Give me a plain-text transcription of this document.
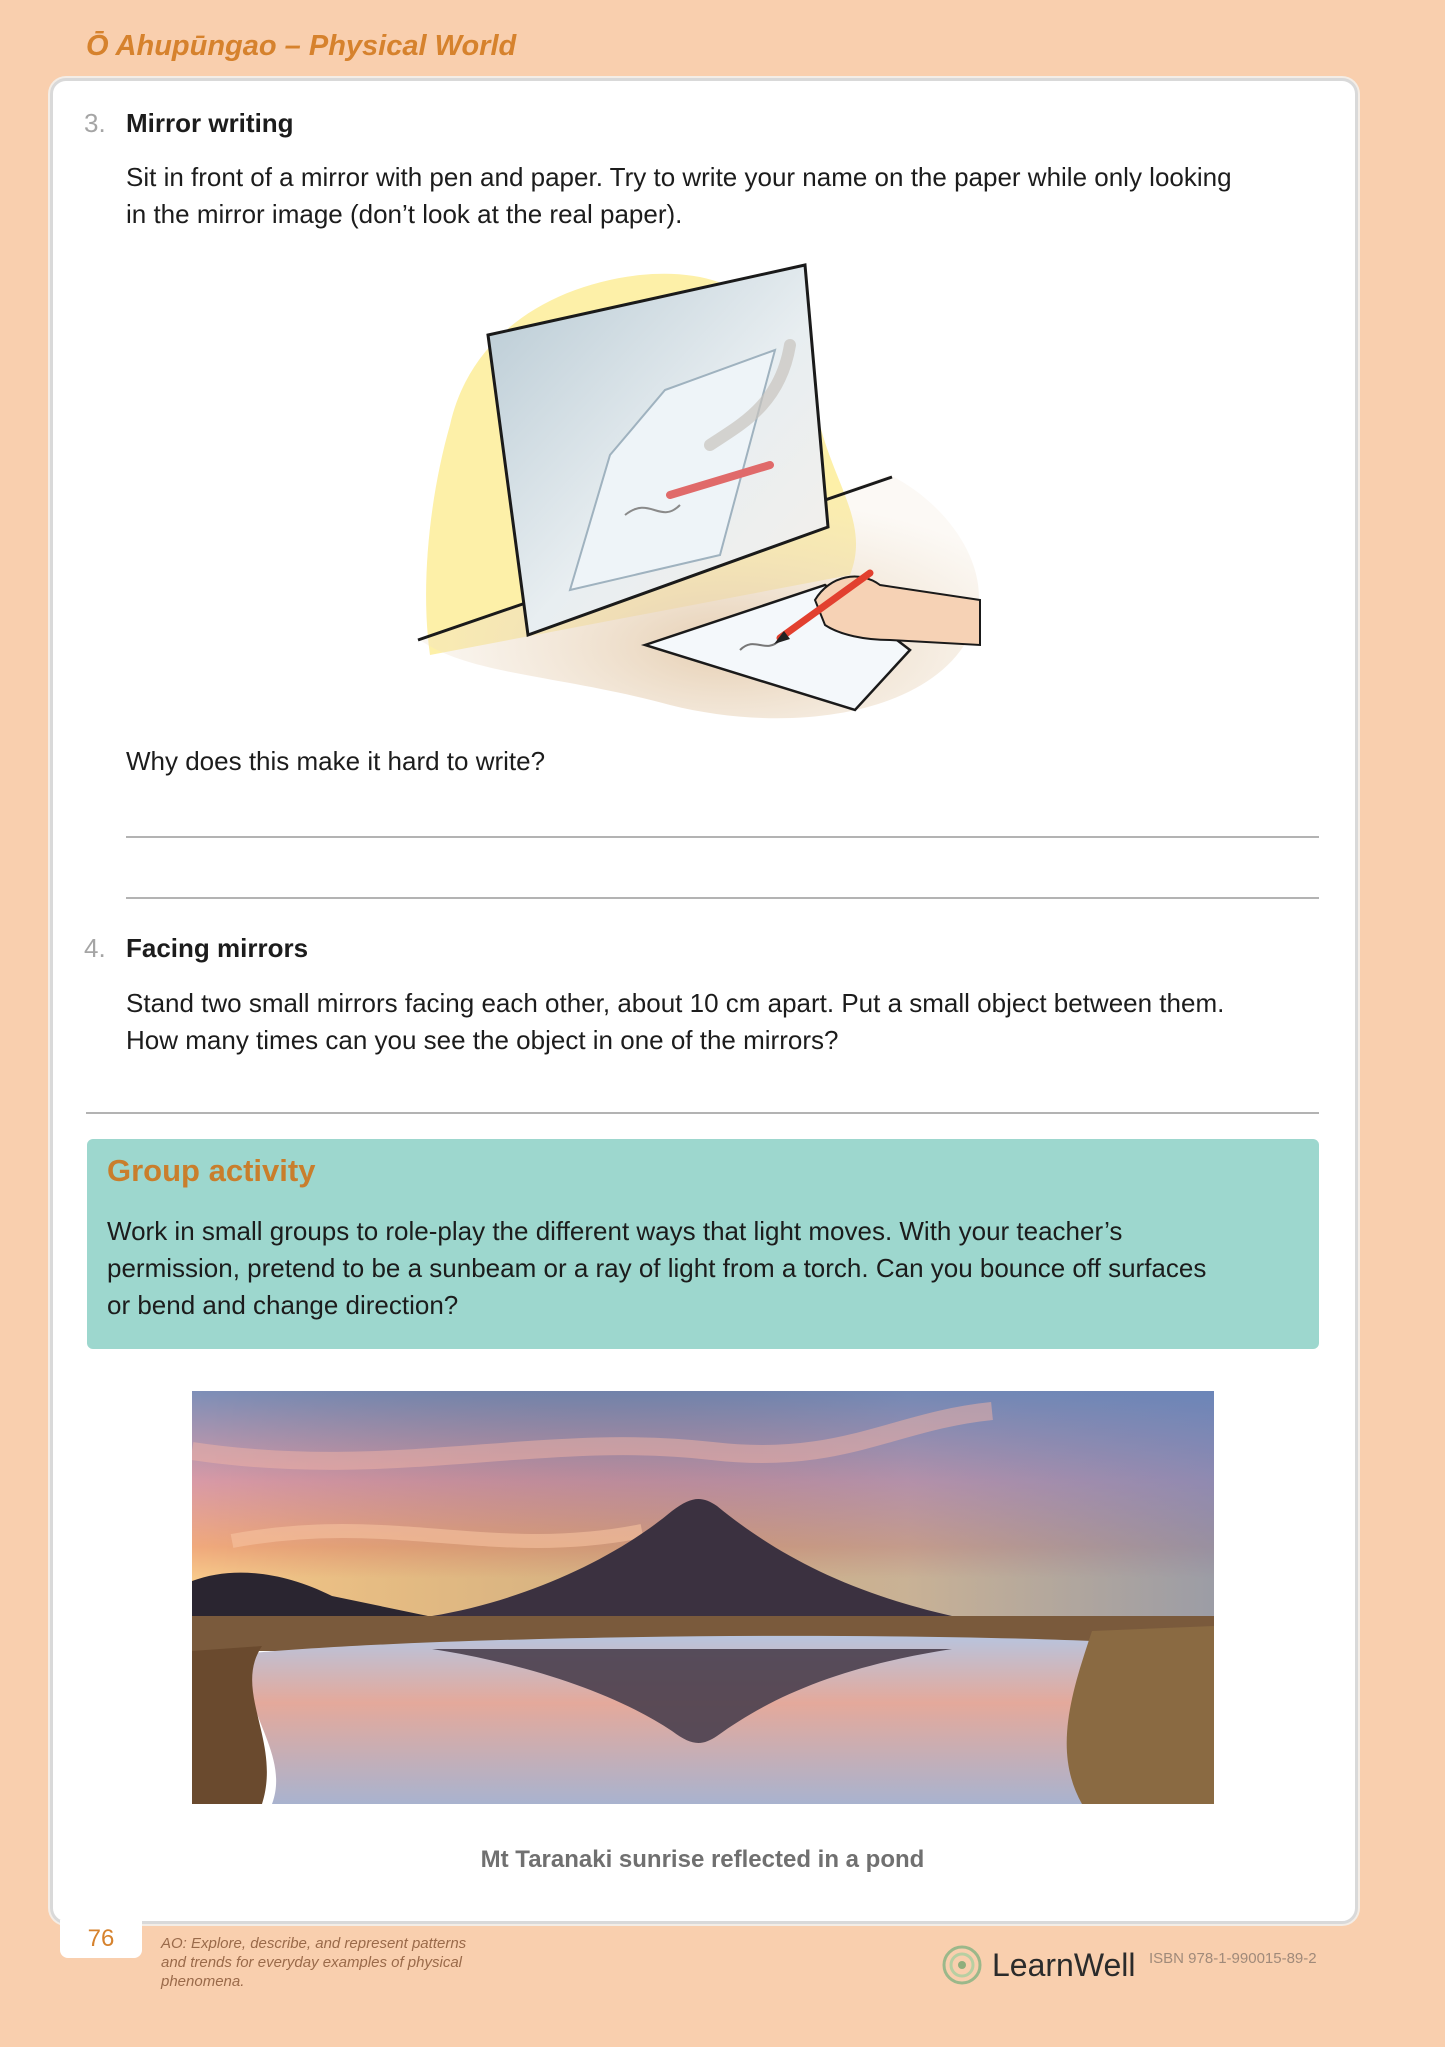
Ō Ahupūngao – Physical World
3. Mirror writing
Sit in front of a mirror with pen and paper. Try to write your name on the paper while only looking
in the mirror image (don’t look at the real paper).
Why does this make it hard to write?
4. Facing mirrors
Stand two small mirrors facing each other, about 10 cm apart. Put a small object between them.
How many times can you see the object in one of the mirrors?
Group activity
Work in small groups to role-play the different ways that light moves. With your teacher’s
permission, pretend to be a sunbeam or a ray of light from a torch. Can you bounce off surfaces
or bend and change direction?
Mt Taranaki sunrise reflected in a pond
76	AO: Explore, describe, and represent patterns
and trends for everyday examples of physical
phenomena.	LearnWell ISBN 978-1-990015-89-2
